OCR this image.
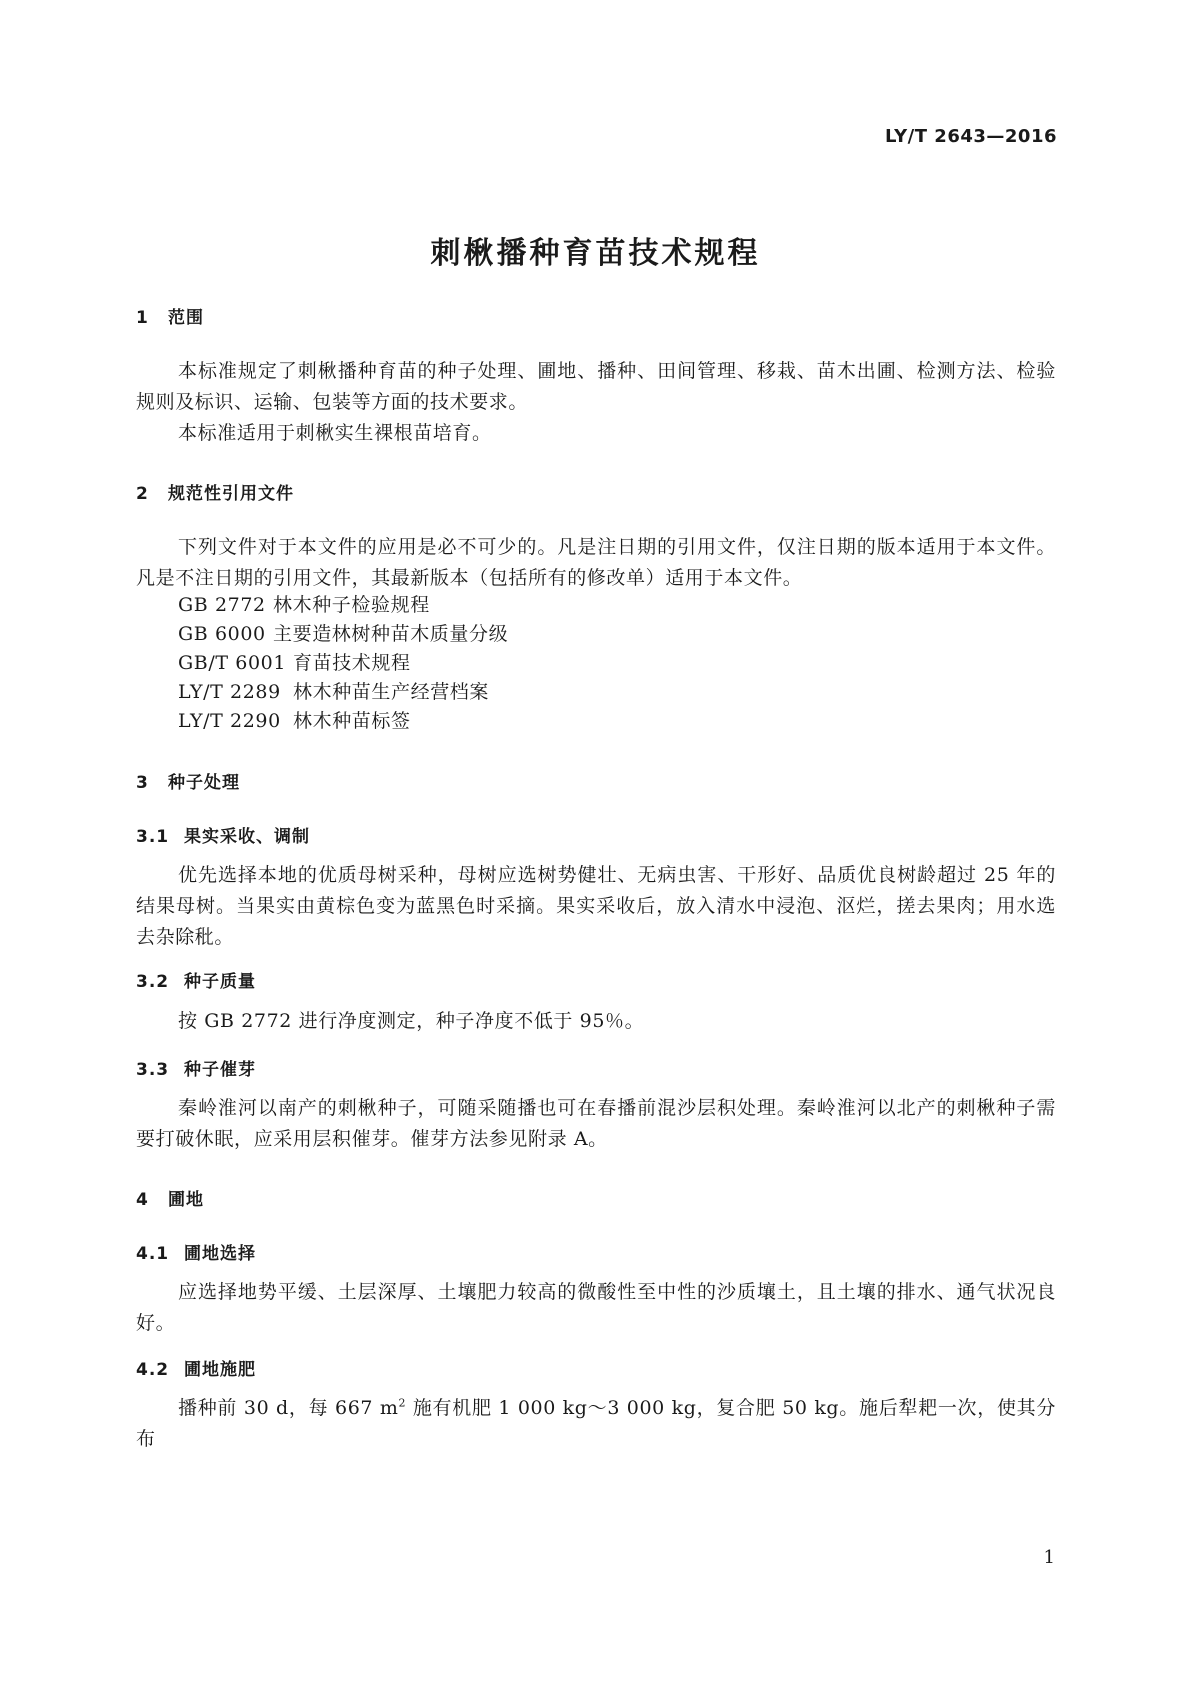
LY/T 2643—2016
刺楸播种育苗技术规程
1 范围

本标准规定了刺楸播种育苗的种子处理、圃地、播种、田间管理、移栽、苗木出圃、检测方法、检验规则及标识、运输、包装等方面的技术要求。

本标准适用于刺楸实生裸根苗培育。

2 规范性引用文件

下列文件对于本文件的应用是必不可少的。凡是注日期的引用文件，仅注日期的版本适用于本文件。凡是不注日期的引用文件，其最新版本（包括所有的修改单）适用于本文件。

GB 2772 林木种子检验规程
GB 6000 主要造林树种苗木质量分级
GB/T 6001 育苗技术规程
LY/T 2289 林木种苗生产经营档案
LY/T 2290 林木种苗标签
3 种子处理
3.1 果实采收、调制

优先选择本地的优质母树采种，母树应选树势健壮、无病虫害、干形好、品质优良树龄超过 25 年的结果母树。当果实由黄棕色变为蓝黑色时采摘。果实采收后，放入清水中浸泡、沤烂，搓去果肉；用水选去杂除秕。

3.2 种子质量

按 GB 2772 进行净度测定，种子净度不低于 95％。

3.3 种子催芽

秦岭淮河以南产的刺楸种子，可随采随播也可在春播前混沙层积处理。秦岭淮河以北产的刺楸种子需要打破休眠，应采用层积催芽。催芽方法参见附录 A。

4 圃地
4.1 圃地选择

应选择地势平缓、土层深厚、土壤肥力较高的微酸性至中性的沙质壤土，且土壤的排水、通气状况良好。

4.2 圃地施肥

播种前 30 d，每 667 $m^2$ 施有机肥 1 000 kg～3 000 kg，复合肥 50 kg。施后犁耙一次，使其分布

1
